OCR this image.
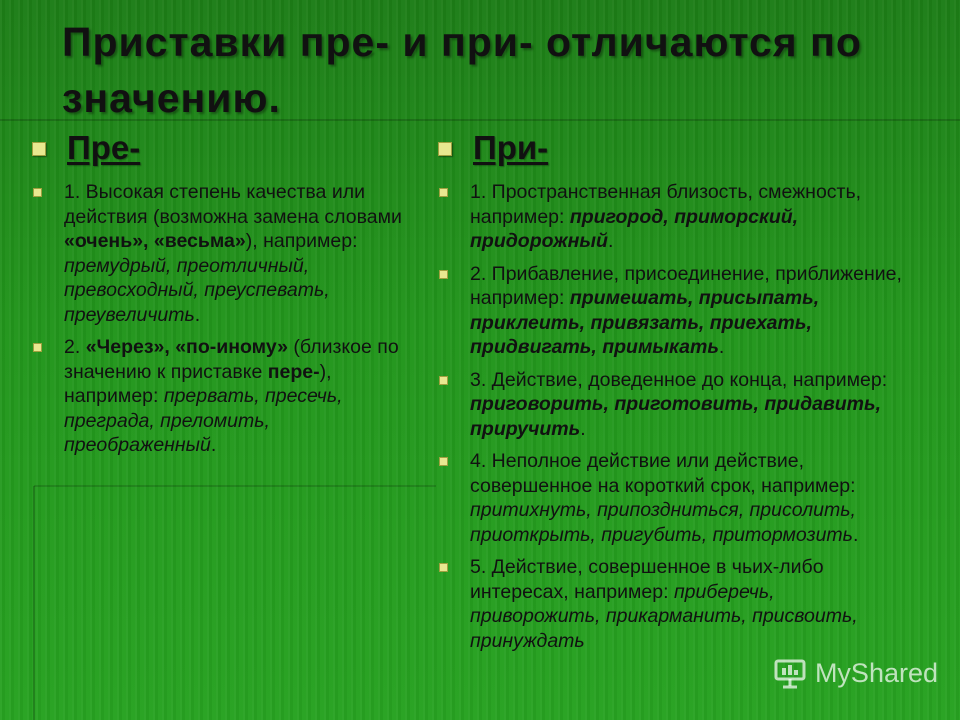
Приставки пре- и при- отличаются по значению.
Пре-
1. Высокая степень качества или действия (возможна замена словами «очень», «весьма»), например: премудрый, преотличный, превосходный, преуспевать, преувеличить.
2. «Через», «по-иному» (близкое по значению к приставке пере-), например: прервать, пресечь, преграда, преломить, преображенный.
При-
1. Пространственная близость, смежность, например: пригород, приморский, придорожный.
2. Прибавление, присоединение, приближение, например: примешать, присыпать, приклеить, привязать, приехать, придвигать, примыкать.
3. Действие, доведенное до конца, например: приговорить, приготовить, придавить, приручить.
4. Неполное действие или действие, совершенное на короткий срок, например: притихнуть, припоздниться, присолить, приоткрыть, пригубить, притормозить.
5. Действие, совершенное в чьих-либо интересах, например: приберечь, приворожить, прикарманить, присвоить, принуждать
MyShared
